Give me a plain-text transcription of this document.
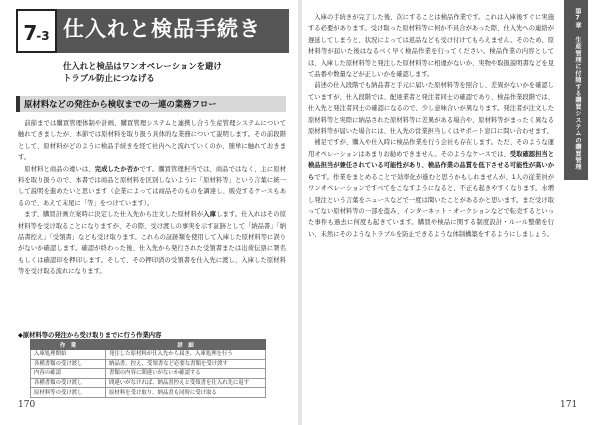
7-3 仕入れと検品手続き
仕入れと検品はワンオペレーションを避け
トラブル防止につなげる
原材料などの発注から検収までの一連の業務フロー

前節までは購買管理体制や計画、購買管理システムと連携し合う生産管理システムについて触れてきましたが、本節では原材料を取り扱う具体的な業務について説明します。その前段階として、原材料がどのように検品手続きを経て社内へと流れていくのか、簡単に触れておきます。

原材料と商品の違いは、完成したか否かです。購買管理担当では、商品ではなく、主に原材料を取り扱うので、本書では商品と原材料を区別しないように「原材料等」という言葉に統一して説明を進めたいと思います（企業によっては商品そのものを調達し、販売するケースもあるので、あえて末尾に「等」をつけています）。

まず、購買計画立案時に決定した仕入先から注文した原材料が入庫します。仕入れはその原材料等を受け取ることになりますが、その際、受け渡しの事実を示す証跡として「納品書」「納品書控え」「受領書」なども受け取ります。これらの証跡類を使用して入庫した原材料等に誤りがないか確認します。確認が終わった後、仕入先から発行された受領書または出荷伝票に署名もしくは確認印を押印します。そして、その押印済の受領書を仕入先に渡し、入庫した原材料等を受け取る流れになります。

◆原材料等の発注から受け取りまでに行う作業内容
作　業	詳　細
入庫処理開始	発注した原材料が仕入先から届き、入庫処理を行う
各種書類の受け渡し	納品書、控え、受領書など必要な書類を受け渡す
内容の確認	書類の内容に間違いがないか確認する
各種書類の受け渡し	間違いがなければ、納品書控えと受領書を仕入れ先に返す
原材料等の受け渡し	原材料を受け取り、納品書も同時に受け取る
170

入庫の手続きが完了した後、次にすることは検品作業です。これは入庫後すぐに実施する必要があります。受け取った原材料等に何か不具合があった際、仕入先への連絡が遅延してしまうと、状況によっては返品なども受け付けてもらえません。そのため、原材料等が届いた後はなるべく早く検品作業を行ってください。検品作業の内容としては、入庫した原材料等と発注した原材料等に相違がないか、実物や取扱説明書などを見て品番や数量などが正しいかを確認します。

前述の仕入段階でも納品書と手元に届いた原材料等を照合し、差異がないかを確認していますが、仕入段階では、配達業者と発注者同士の確認であり、検品作業段階では、仕入先と発注者同士の確認になるので、少し意味合いが異なります。発注者が注文した原材料等と実際に納品された原材料等に差異がある場合や、原材料等がまったく異なる原材料等が届いた場合には、仕入先の営業担当しくはサポート窓口に問い合わせます。

補足ですが、購入や仕入時に検品作業を行う会社も存在します。ただ、そのような運用オペレーションはあまりお勧めできません。そのようなケースでは、受取確認担当と検品担当が兼任されている可能性があり、検品作業の品質を低下させる可能性が高いからです。作業をまとめることで効率化が進むと思うかもしれませんが、1人の従業員がワンオペレーションですべてをこなすようになると、不正も起きやすくなります。水増し発注という言葉をニュースなどで一度は聞いたことがあるかと思います。まだ受け取ってない原材料等の一部を盗み、インターネット・オークションなどで転売するといった事件も過去に何度も起きています。購買や検品に関する制度設計・ルール整備を行い、未然にそのようなトラブルを防止できるような体制構築をするようにしましょう。

第7章 生産管理に付随する購買システムの購買管理
171
